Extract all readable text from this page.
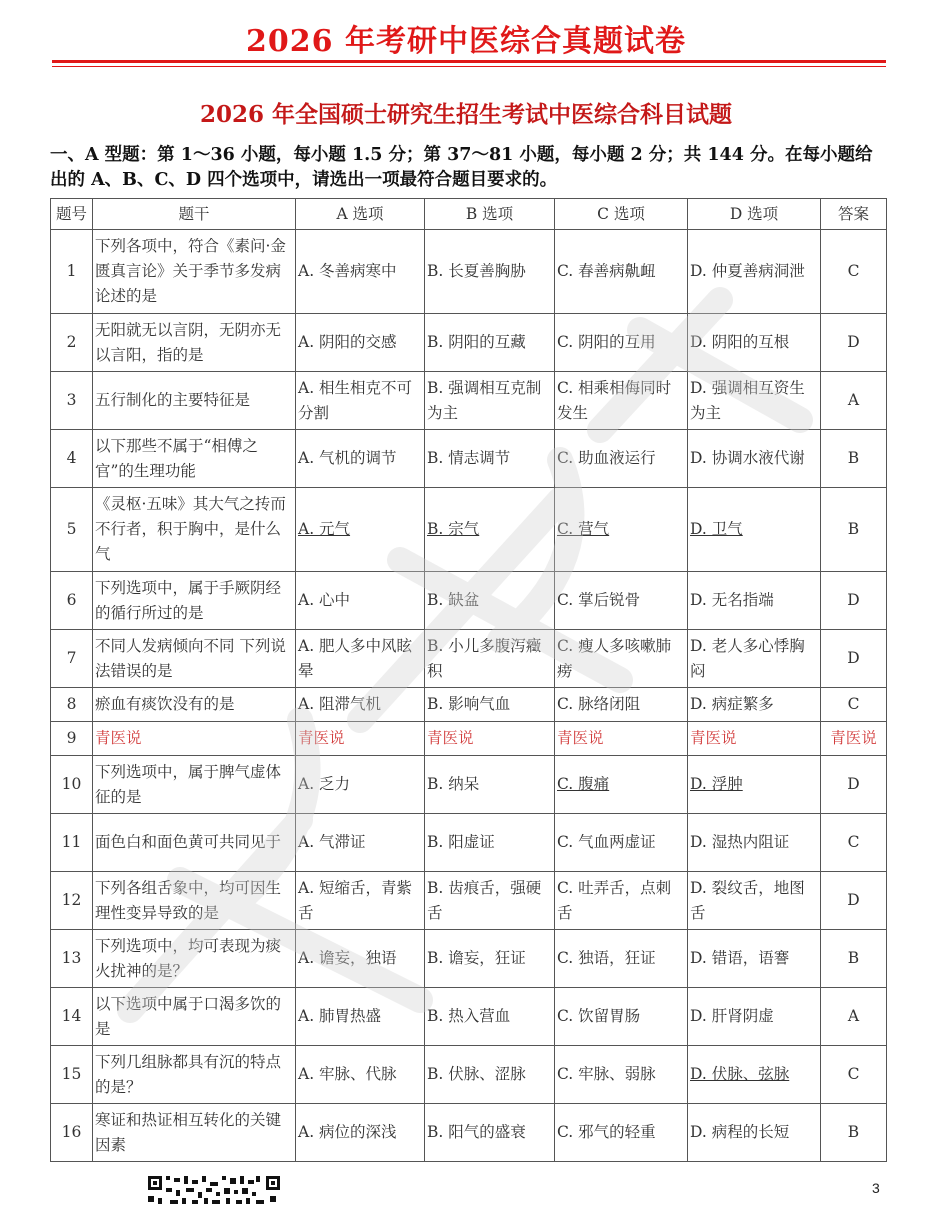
2026 年考研中医综合真题试卷
2026 年全国硕士研究生招生考试中医综合科目试题
一、A 型题：第 1～36 小题，每小题 1.5 分；第 37～81 小题，每小题 2 分；共 144 分。在每小题给出的 A、B、C、D 四个选项中，请选出一项最符合题目要求的。
题号	题干	A 选项	B 选项	C 选项	D 选项	答案
1	下列各项中，符合《素问·金匮真言论》关于季节多发病论述的是	A. 冬善病寒中	B. 长夏善胸胁	C. 春善病鼽衄	D. 仲夏善病洞泄	C
2	无阳就无以言阴，无阴亦无以言阳，指的是	A. 阴阳的交感	B. 阴阳的互藏	C. 阴阳的互用	D. 阴阳的互根	D
3	五行制化的主要特征是	A. 相生相克不可分割	B. 强调相互克制为主	C. 相乘相侮同时发生	D. 强调相互资生为主	A
4	以下那些不属于“相傅之官”的生理功能	A. 气机的调节	B. 情志调节	C. 助血液运行	D. 协调水液代谢	B
5	《灵枢·五味》其大气之抟而不行者，积于胸中，是什么气	A. 元气	B. 宗气	C. 营气	D. 卫气	B
6	下列选项中，属于手厥阴经的循行所过的是	A. 心中	B. 缺盆	C. 掌后锐骨	D. 无名指端	D
7	不同人发病倾向不同 下列说法错误的是	A. 肥人多中风眩晕	B. 小儿多腹泻癥积	C. 瘦人多咳嗽肺痨	D. 老人多心悸胸闷	D
8	瘀血有痰饮没有的是	A. 阻滞气机	B. 影响气血	C. 脉络闭阻	D. 病症繁多	C
9	青医说	青医说	青医说	青医说	青医说	青医说
10	下列选项中，属于脾气虚体征的是	A. 乏力	B. 纳呆	C. 腹痛	D. 浮肿	D
11	面色白和面色黄可共同见于	A. 气滞证	B. 阳虚证	C. 气血两虚证	D. 湿热内阻证	C
12	下列各组舌象中，均可因生理性变异导致的是	A. 短缩舌，青紫舌	B. 齿痕舌，强硬舌	C. 吐弄舌，点刺舌	D. 裂纹舌，地图舌	D
13	下列选项中，均可表现为痰火扰神的是？	A. 谵妄，独语	B. 谵妄，狂证	C. 独语，狂证	D. 错语，语謇	B
14	以下选项中属于口渴多饮的是	A. 肺胃热盛	B. 热入营血	C. 饮留胃肠	D. 肝肾阴虚	A
15	下列几组脉都具有沉的特点的是？	A. 牢脉、代脉	B. 伏脉、涩脉	C. 牢脉、弱脉	D. 伏脉、弦脉	C
16	寒证和热证相互转化的关键因素	A. 病位的深浅	B. 阳气的盛衰	C. 邪气的轻重	D. 病程的长短	B
3
